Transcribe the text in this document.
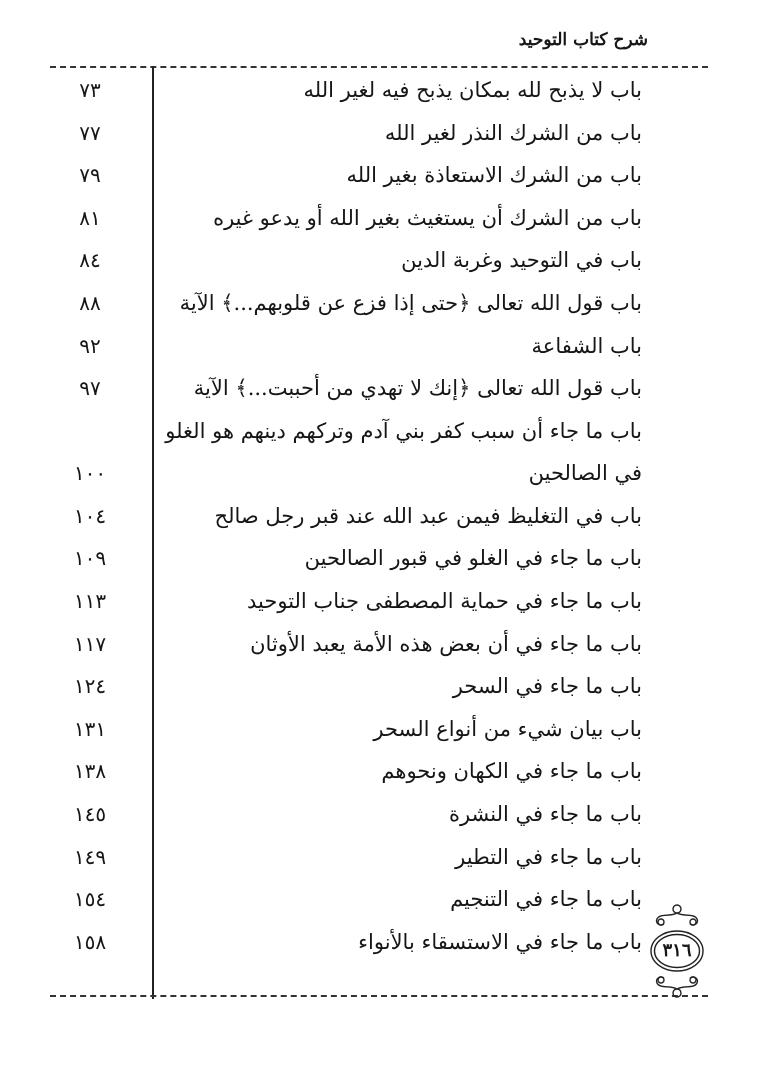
شرح كتاب التوحيد
باب لا يذبح لله بمكان يذبح فيه لغير الله
٧٣
باب من الشرك النذر لغير الله
٧٧
باب من الشرك الاستعاذة بغير الله
٧٩
باب من الشرك أن يستغيث بغير الله أو يدعو غيره
٨١
باب في التوحيد وغربة الدين
٨٤
باب قول الله تعالى ﴿حتى إذا فزع عن قلوبهم...﴾ الآية
٨٨
باب الشفاعة
٩٢
باب قول الله تعالى ﴿إنك لا تهدي من أحببت...﴾ الآية
٩٧
باب ما جاء أن سبب كفر بني آدم وتركهم دينهم هو الغلو في الصالحين
١٠٠
باب في التغليظ فيمن عبد الله عند قبر رجل صالح
١٠٤
باب ما جاء في الغلو في قبور الصالحين
١٠٩
باب ما جاء في حماية المصطفى جناب التوحيد
١١٣
باب ما جاء في أن بعض هذه الأمة يعبد الأوثان
١١٧
باب ما جاء في السحر
١٢٤
باب بيان شيء من أنواع السحر
١٣١
باب ما جاء في الكهان ونحوهم
١٣٨
باب ما جاء في النشرة
١٤٥
باب ما جاء في التطير
١٤٩
باب ما جاء في التنجيم
١٥٤
باب ما جاء في الاستسقاء بالأنواء
١٥٨	٣١٦
